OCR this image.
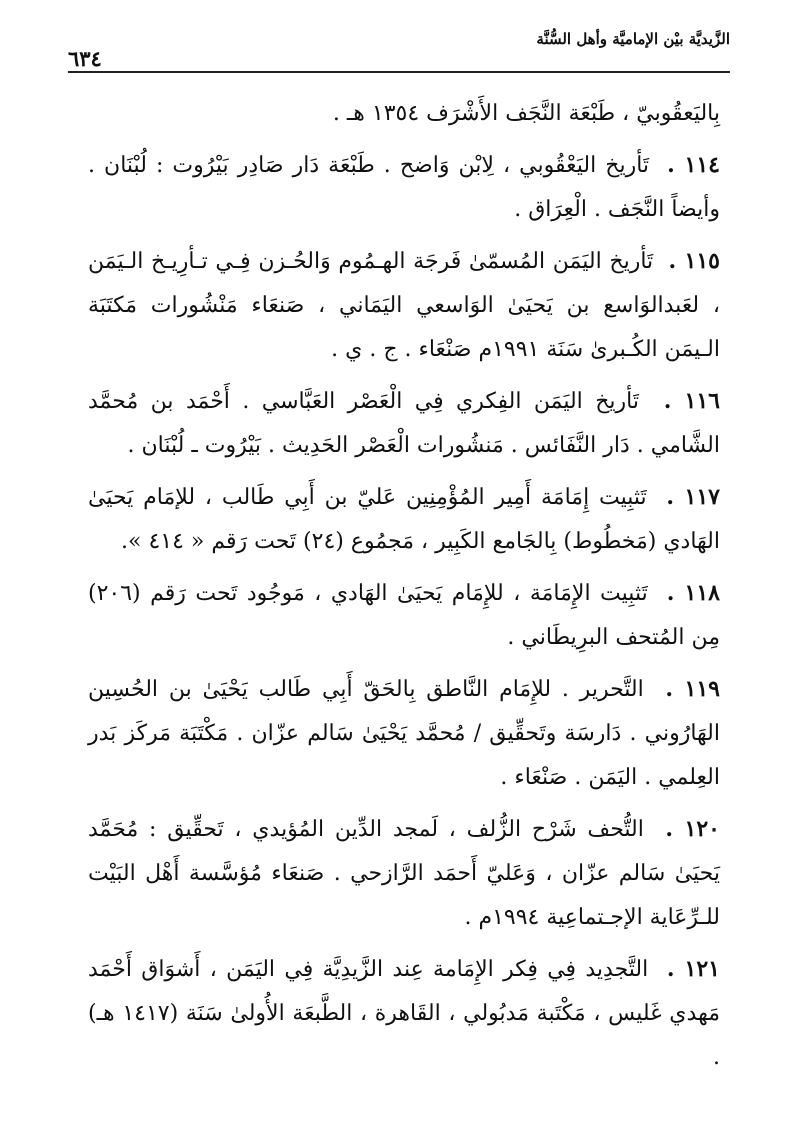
الزَّيديَّة بيْن الإماميَّة وأهل السُّنَّة
٦٣٤

بِاليَعقُوبيّ ، طَبْعَة النَّجَف الأَشْرَف ١٣٥٤ هـ .

١١٤ .  تَأريخ اليَعْقُوبي ، لِابْن وَاضح . طَبْعَة دَار صَادِر بَيْرُوت : لُبْنَان . وأيضاً النَّجَف . الْعِرَاق .

١١٥ .  تَأريخ اليَمَن المُسمّىٰ فَرجَة الهـمُوم وَالحُـزن فِـي تـأرِيـخ الـيَمَن ، لعَبدالوَاسع بن يَحيَىٰ الوَاسعي اليَمَاني ، صَنعَاء مَنْشُورات مَكتَبَة الـيمَن الكُـبرىٰ سَنَة ١٩٩١م صَنْعَاء . ج . ي .

١١٦ .  تَأريخ اليَمَن الفِكري فِي الْعَصْر العَبَّاسي . أَحْمَد بن مُحمَّد الشَّامي . دَار النَّفَائس . مَنشُورات الْعَصْر الحَدِيث . بَيْرُوت ـ لُبْنَان .

١١٧ .  تَثبِيت إِمَامَة أَمِير المُؤْمِنِين عَليّ بن أَبِي طَالب ، للإمَام يَحيَىٰ الهَادي (مَخطُوط) بِالجَامع الكَبِير ، مَجمُوع (٢٤) تَحت رَقم « ٤١٤ ».

١١٨ .  تَثبِيت الإِمَامَة ، للإِمَام يَحيَىٰ الهَادي ، مَوجُود تَحت رَقم (٢٠٦) مِن المُتحف البرِيطَاني .

١١٩ .  التَّحرير . للإِمَام النَّاطق بِالحَقّ أَبِي طَالب يَحْيَىٰ بن الحُسِين الهَارُوني . دَارسَة وتَحقِّيق / مُحمَّد يَحْيَىٰ سَالم عزّان . مَكْتَبَة مَركَز بَدر العِلمي . اليَمَن . صَنْعَاء .

١٢٠ .  التُّحف شَرْح الزُّلف ، لَمجد الدِّين المُؤيدي ، تَحقِّيق : مُحَمَّد يَحيَىٰ سَالم عزّان ، وَعَليّ أَحمَد الرَّازحي . صَنعَاء مُؤسَّسة أَهْل البَيْت للـرِّعَاية الإجـتماعِية ١٩٩٤م .

١٢١ .  التَّجدِيد فِي فِكر الإِمَامة عِند الزَّيدِيَّة فِي اليَمَن ، أَشوَاق أَحْمَد مَهدي غَليس ، مَكْتَبة مَدبُولي ، القَاهرة ، الطَّبعَة الأُولىٰ سَنَة (١٤١٧ هـ) .
